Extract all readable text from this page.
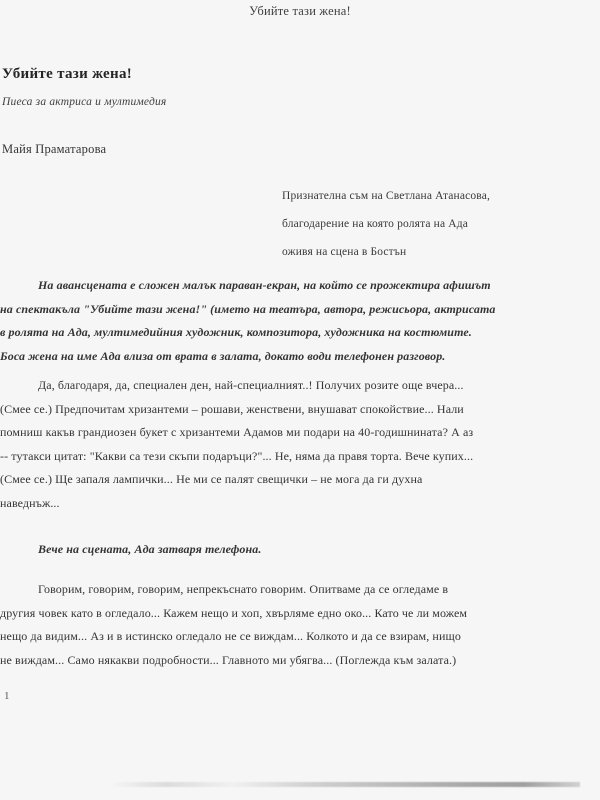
Убийте тази жена!
Убийте тази жена!
Пиеса за актриса и мултимедия
Майя Праматарова
Признателна съм на Светлана Атанасова,
благодарение на която ролята на Ада
оживя на сцена в Бостън
На авансцената е сложен малък параван-екран, на който се прожектира афишът
на спектакъла "Убийте тази жена!" (името на театъра, автора, режисьора, актрисата
в ролята на Ада, мултимедийния художник, композитора, художника на костюмите.
Боса жена на име Ада влиза от врата в залата, докато води телефонен разговор.
Да, благодаря, да, специален ден, най-специалният..! Получих розите още вчера...
(Смее се.) Предпочитам хризантеми – рошави, женствени, внушават спокойствие... Нали
помниш какъв грандиозен букет с хризантеми Адамов ми подари на 40-годишнината? А аз
-- тутакси цитат: "Какви са тези скъпи подаръци?"... Не, няма да правя торта. Вече купих...
(Смее се.) Ще запаля лампички... Не ми се палят свещички – не мога да ги духна
наведнъж...
Вече на сцената, Ада затваря телефона.
Говорим, говорим, говорим, непрекъснато говорим. Опитваме да се огледаме в
другия човек като в огледало... Кажем нещо и хоп, хвърляме едно око... Като че ли можем
нещо да видим... Аз и в истинско огледало не се виждам... Колкото и да се взирам, нищо
не виждам... Само някакви подробности... Главното ми убягва... (Поглежда към залата.)
1
